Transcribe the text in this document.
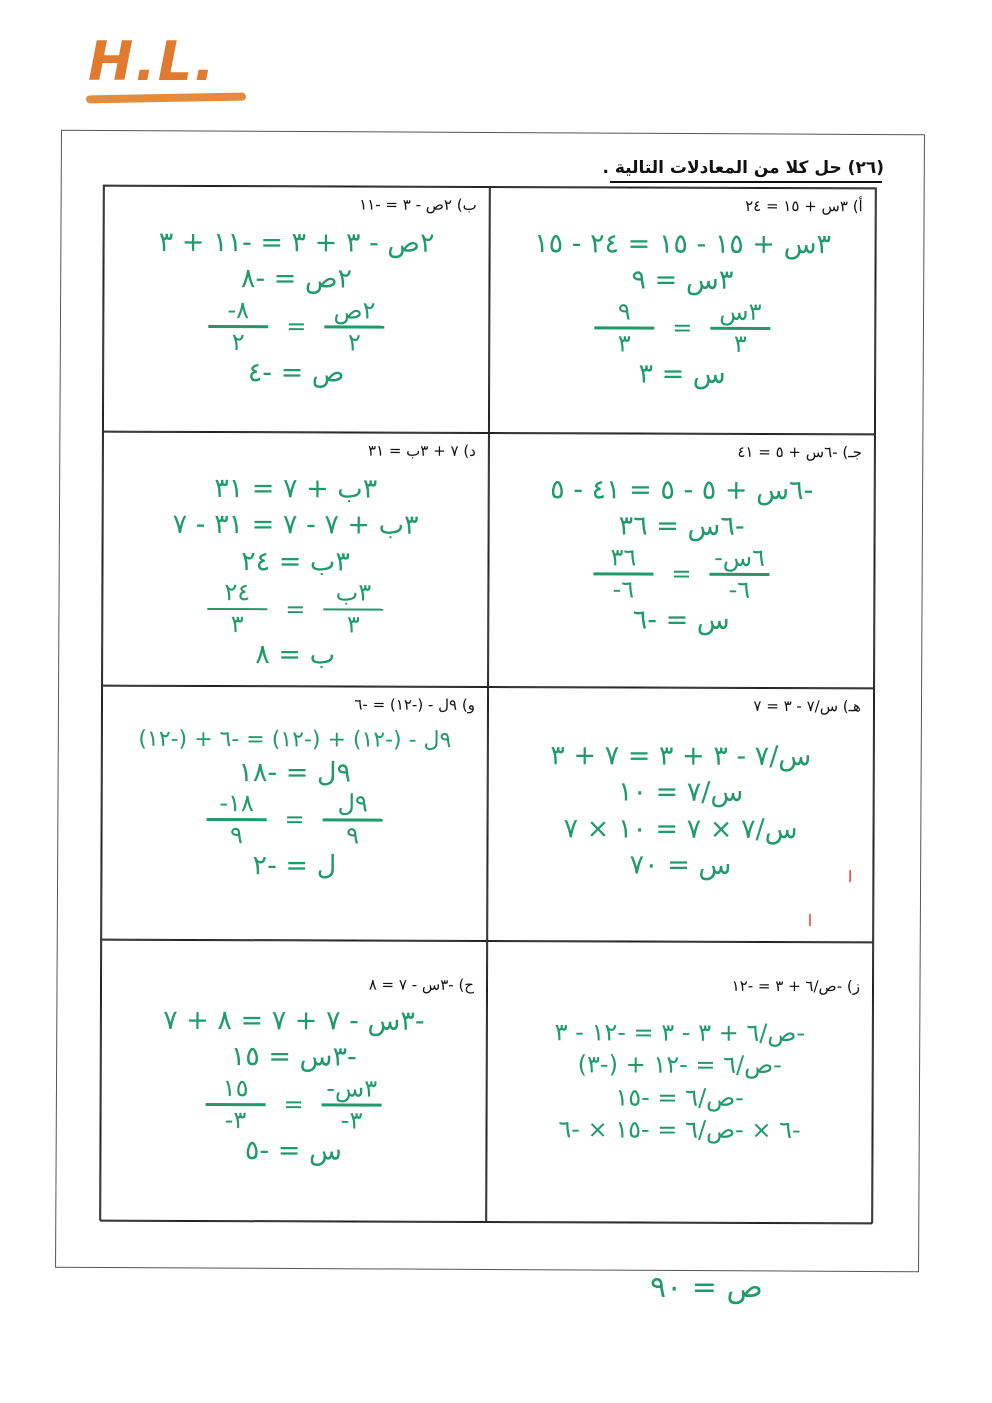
H.L.
(٢٦) حل كلا من المعادلات التالية .
ب) ٢ص - ٣ = -١١
٢ص - ٣ + ٣ = -١١ + ٣
٢ص = -٨
$\frac{\text{٢ص}}{٢}$
=
$\frac{-٨}{٢}$
ص = -٤
أ) ٣س + ١٥ = ٢٤
٣س + ١٥ - ١٥ = ٢٤ - ١٥
٣س = ٩
$\frac{\text{٣س}}{٣}$
=
$\frac{٩}{٣}$
س = ٣
د) ٧ + ٣ب = ٣١
٣ب + ٧ = ٣١
٣ب + ٧ - ٧ = ٣١ - ٧
٣ب = ٢٤
$\frac{\text{٣ب}}{٣}$
=
$\frac{٢٤}{٣}$
ب = ٨
جـ) -٦س + ٥ = ٤١
-٦س + ٥ - ٥ = ٤١ - ٥
-٦س = ٣٦
$\frac{\text{-٦س}}{-٦}$
=
$\frac{٣٦}{-٦}$
س = -٦
و) ٩ل - (-١٢) = -٦
٩ل - (-١٢) + (-١٢) = -٦ + (-١٢)
٩ل = -١٨
$\frac{\text{٩ل}}{٩}$
=
$\frac{-١٨}{٩}$
ل = -٢
هـ) س/٧ - ٣ = ٧
س/٧ - ٣ + ٣ = ٧ + ٣
س/٧ = ١٠
س/٧ × ٧ = ١٠ × ٧
س = ٧٠	ا
ا
ح) -٣س - ٧ = ٨
-٣س - ٧ + ٧ = ٨ + ٧
-٣س = ١٥
$\frac{\text{-٣س}}{-٣}$
=
$\frac{١٥}{-٣}$
س = -٥
ز) -ص/٦ + ٣ = -١٢
-ص/٦ + ٣ - ٣ = -١٢ - ٣
-ص/٦ = -١٢ + (-٣)
-ص/٦ = -١٥
-٦ × -ص/٦ = -١٥ × -٦
ص = ٩٠
